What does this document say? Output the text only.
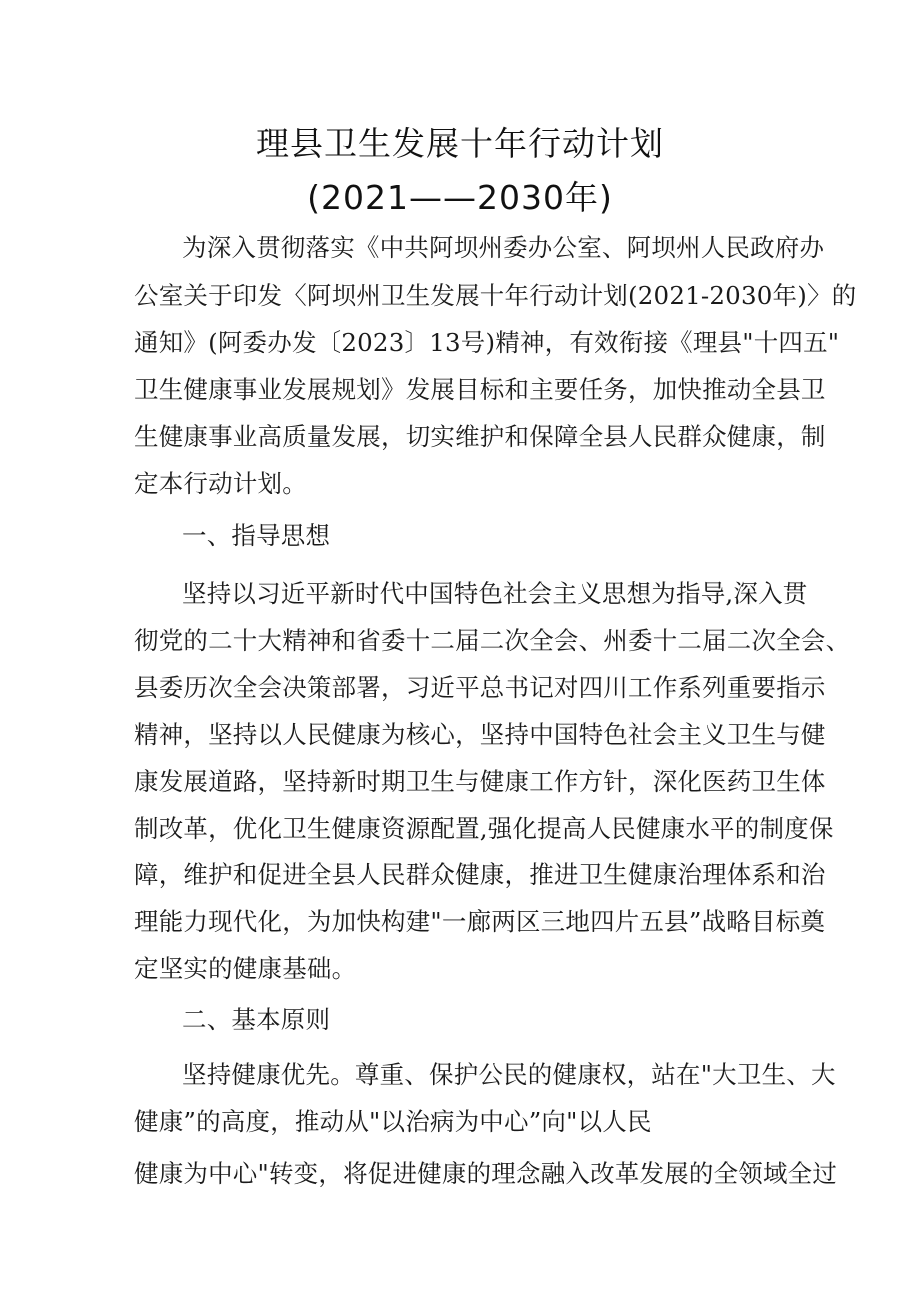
理县卫生发展十年行动计划
(2021——2030年)
为深入贯彻落实《中共阿坝州委办公室、阿坝州人民政府办
公室关于印发〈阿坝州卫生发展十年行动计划(2021-2030年)〉的
通知》(阿委办发〔2023〕13号)精神，有效衔接《理县"十四五"
卫生健康事业发展规划》发展目标和主要任务，加快推动全县卫
生健康事业高质量发展，切实维护和保障全县人民群众健康，制
定本行动计划。
一、指导思想
坚持以习近平新时代中国特色社会主义思想为指导,深入贯
彻党的二十大精神和省委十二届二次全会、州委十二届二次全会、
县委历次全会决策部署，习近平总书记对四川工作系列重要指示
精神，坚持以人民健康为核心，坚持中国特色社会主义卫生与健
康发展道路，坚持新时期卫生与健康工作方针，深化医药卫生体
制改革，优化卫生健康资源配置,强化提高人民健康水平的制度保
障，维护和促进全县人民群众健康，推进卫生健康治理体系和治
理能力现代化，为加快构建"一廊两区三地四片五县”战略目标奠
定坚实的健康基础。
二、基本原则
坚持健康优先。尊重、保护公民的健康权，站在"大卫生、大
健康”的高度，推动从"以治病为中心”向"以人民
健康为中心"转变，将促进健康的理念融入改革发展的全领域全过
